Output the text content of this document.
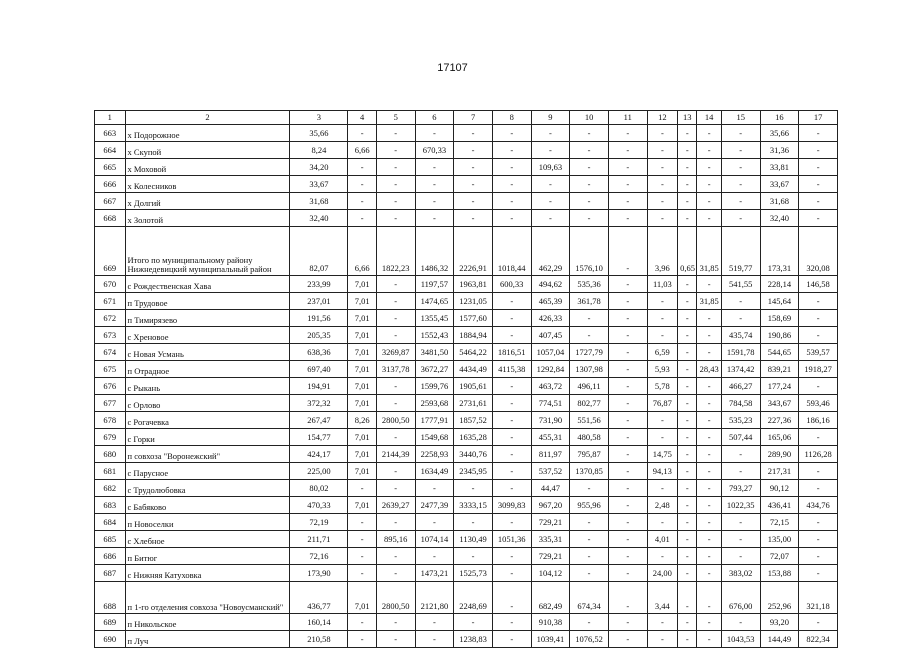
17107
1	2	3	4	5	6	7	8	9	10	11	12	13	14	15	16	17
663	х Подорожное	35,66	-	-	-	-	-	-	-	-	-	-	-	-	35,66	-
664	х Скупой	8,24	6,66	-	670,33	-	-	-	-	-	-	-	-	-	31,36	-
665	х Моховой	34,20	-	-	-	-	-	109,63	-	-	-	-	-	-	33,81	-
666	х Колесников	33,67	-	-	-	-	-	-	-	-	-	-	-	-	33,67	-
667	х Долгий	31,68	-	-	-	-	-	-	-	-	-	-	-	-	31,68	-
668	х Золотой	32,40	-	-	-	-	-	-	-	-	-	-	-	-	32,40	-
669	Итого по муниципальному району Нижнедевицкий муниципальный район	82,07	6,66	1822,23	1486,32	2226,91	1018,44	462,29	1576,10	-	3,96	0,65	31,85	519,77	173,31	320,08
670	с Рождественская Хава	233,99	7,01	-	1197,57	1963,81	600,33	494,62	535,36	-	11,03	-	-	541,55	228,14	146,58
671	п Трудовое	237,01	7,01	-	1474,65	1231,05	-	465,39	361,78	-	-	-	31,85	-	145,64	-
672	п Тимирязево	191,56	7,01	-	1355,45	1577,60	-	426,33	-	-	-	-	-	-	158,69	-
673	с Хреновое	205,35	7,01	-	1552,43	1884,94	-	407,45	-	-	-	-	-	435,74	190,86	-
674	с Новая Усмань	638,36	7,01	3269,87	3481,50	5464,22	1816,51	1057,04	1727,79	-	6,59	-	-	1591,78	544,65	539,57
675	п Отрадное	697,40	7,01	3137,78	3672,27	4434,49	4115,38	1292,84	1307,98	-	5,93	-	28,43	1374,42	839,21	1918,27
676	с Рыкань	194,91	7,01	-	1599,76	1905,61	-	463,72	496,11	-	5,78	-	-	466,27	177,24	-
677	с Орлово	372,32	7,01	-	2593,68	2731,61	-	774,51	802,77	-	76,87	-	-	784,58	343,67	593,46
678	с Рогачевка	267,47	8,26	2800,50	1777,91	1857,52	-	731,90	551,56	-	-	-	-	535,23	227,36	186,16
679	с Горки	154,77	7,01	-	1549,68	1635,28	-	455,31	480,58	-	-	-	-	507,44	165,06	-
680	п совхоза "Воронежский"	424,17	7,01	2144,39	2258,93	3440,76	-	811,97	795,87	-	14,75	-	-	-	289,90	1126,28
681	с Парусное	225,00	7,01	-	1634,49	2345,95	-	537,52	1370,85	-	94,13	-	-	-	217,31	-
682	с Трудолюбовка	80,02	-	-	-	-	-	44,47	-	-	-	-	-	793,27	90,12	-
683	с Бабяково	470,33	7,01	2639,27	2477,39	3333,15	3099,83	967,20	955,96	-	2,48	-	-	1022,35	436,41	434,76
684	п Новоселки	72,19	-	-	-	-	-	729,21	-	-	-	-	-	-	72,15	-
685	с Хлебное	211,71	-	895,16	1074,14	1130,49	1051,36	335,31	-	-	4,01	-	-	-	135,00	-
686	п Битюг	72,16	-	-	-	-	-	729,21	-	-	-	-	-	-	72,07	-
687	с Нижняя Катуховка	173,90	-	-	1473,21	1525,73	-	104,12	-	-	24,00	-	-	383,02	153,88	-
688	п 1-го отделения совхоза "Новоусманский"	436,77	7,01	2800,50	2121,80	2248,69	-	682,49	674,34	-	3,44	-	-	676,00	252,96	321,18
689	п Никольское	160,14	-	-	-	-	-	910,38	-	-	-	-	-	-	93,20	-
690	п Луч	210,58	-	-	-	1238,83	-	1039,41	1076,52	-	-	-	-	1043,53	144,49	822,34
